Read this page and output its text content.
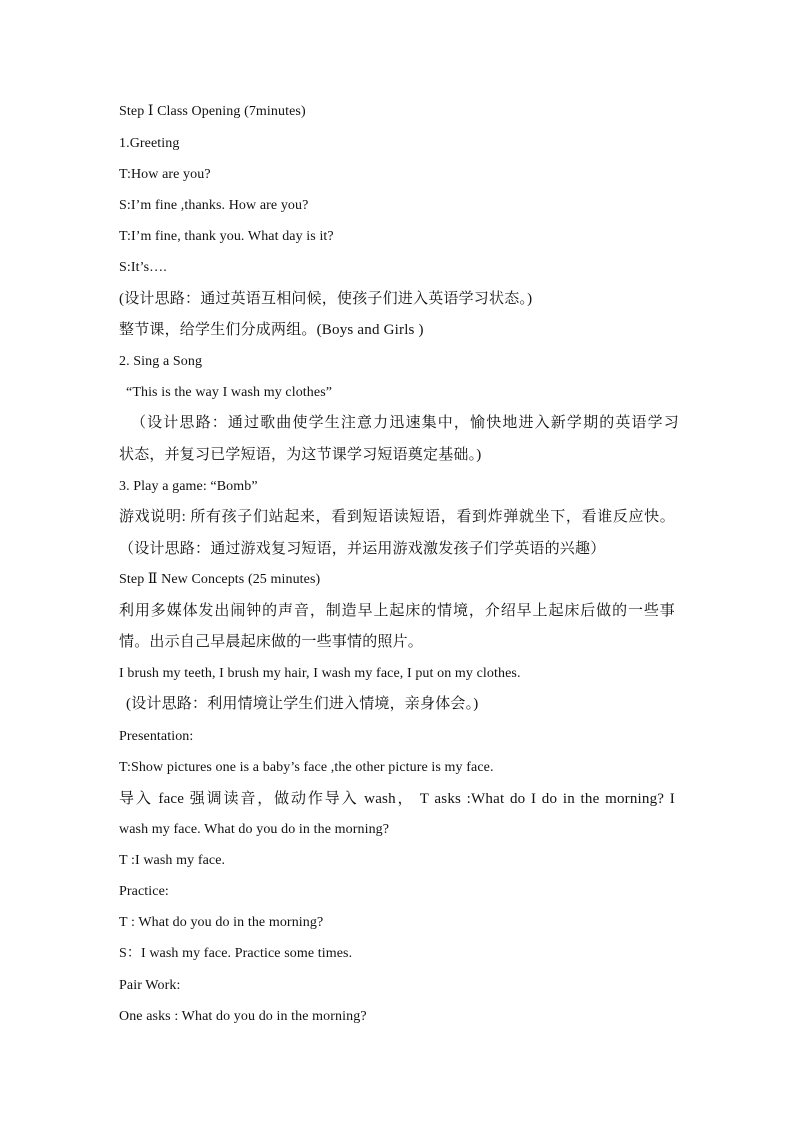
Step Ⅰ Class Opening (7minutes)
1.Greeting
T:How are you?
S:I’m fine ,thanks. How are you?
T:I’m fine, thank you. What day is it?
S:It’s….
(设计思路：通过英语互相问候，使孩子们进入英语学习状态。)
整节课，给学生们分成两组。(Boys and Girls )
2. Sing a Song
“This is the way I wash my clothes”
（设计思路：通过歌曲使学生注意力迅速集中，愉快地进入新学期的英语学习
状态，并复习已学短语，为这节课学习短语奠定基础。)
3. Play a game: “Bomb”
游戏说明: 所有孩子们站起来，看到短语读短语，看到炸弹就坐下，看谁反应快。
（设计思路：通过游戏复习短语，并运用游戏激发孩子们学英语的兴趣）
Step Ⅱ New Concepts (25 minutes)
利用多媒体发出闹钟的声音，制造早上起床的情境，介绍早上起床后做的一些事
情。出示自己早晨起床做的一些事情的照片。
I brush my teeth, I brush my hair, I wash my face, I put on my clothes.
(设计思路：利用情境让学生们进入情境，亲身体会。)
Presentation:
T:Show pictures one is a baby’s face ,the other picture is my face.
导入 face 强调读音，做动作导入 wash， T asks :What do I do in the morning? I
wash my face. What do you do in the morning?
T :I wash my face.
Practice:
T : What do you do in the morning?
S：I wash my face. Practice some times.
Pair Work:
One asks : What do you do in the morning?
